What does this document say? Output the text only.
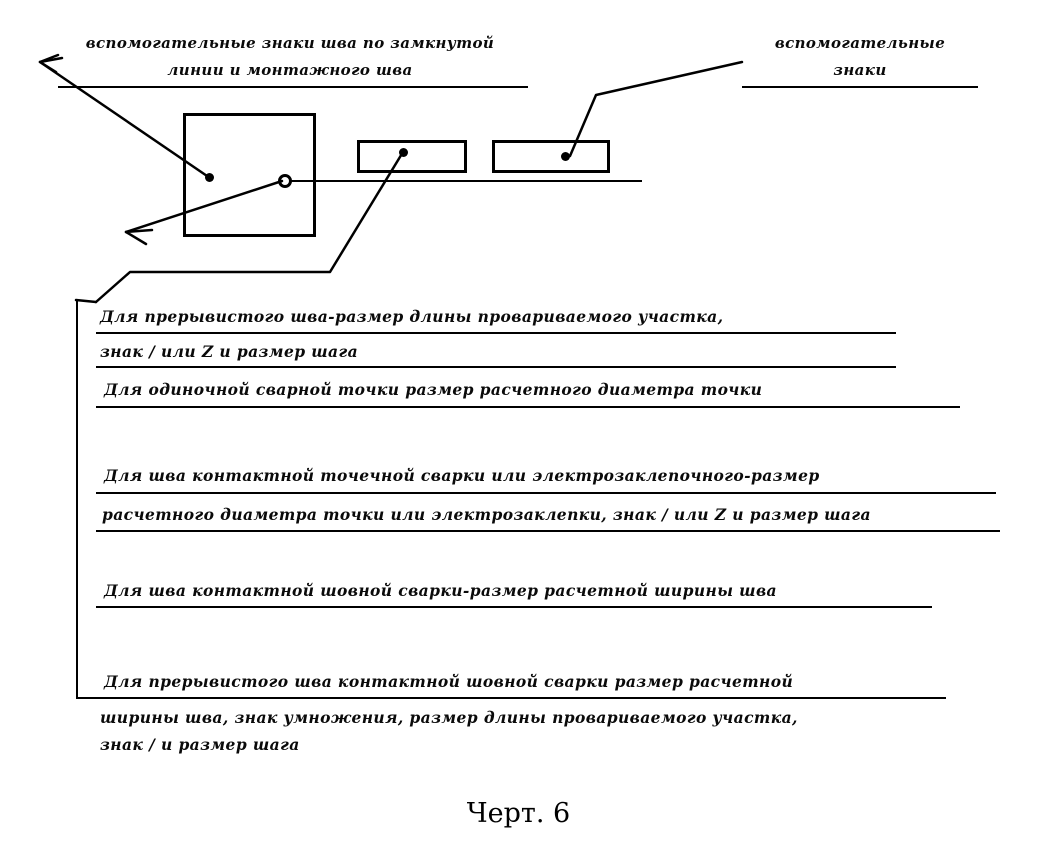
вспомогательные знаки шва по замкнутой
линии и монтажного шва
вспомогательные
знаки
Для прерывистого шва-размер длины провариваемого участка,
знак / или Z и размер шага
Для одиночной сварной точки размер расчетного диаметра точки
Для шва контактной точечной сварки или электрозаклепочного-размер
расчетного диаметра точки или электрозаклепки, знак / или Z и размер шага
Для шва контактной шовной сварки-размер расчетной ширины шва
Для прерывистого шва контактной шовной сварки размер расчетной
ширины шва, знак умножения, размер длины провариваемого участка,
знак / и размер шага
Черт. 6
